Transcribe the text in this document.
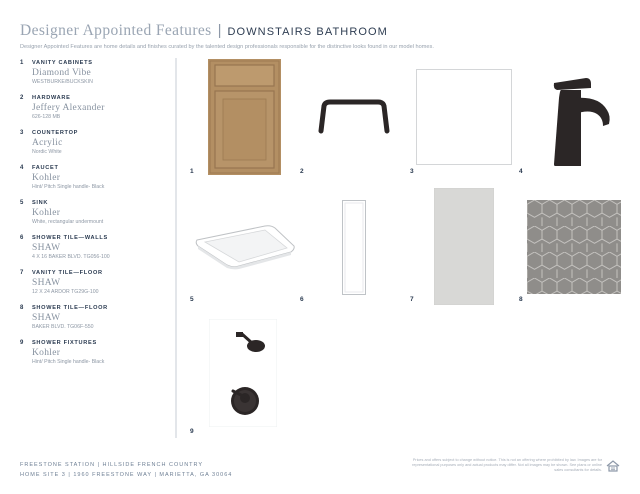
Designer Appointed Features | DOWNSTAIRS BATHROOM
Designer Appointed Features are home details and finishes curated by the talented design professionals responsible for the distinctive looks found in our model homes.
1	VANITY CABINETS
Diamond Vibe
WESTBURKE/BUCKSKIN
2	HARDWARE
Jeffery Alexander
626-128 MB
3	COUNTERTOP
Acrylic
Nordic White
4	FAUCET
Kohler
Hint/ Pitch Single handle- Black
5	SINK
Kohler
White, rectangular undermount
6	SHOWER TILE—WALLS
SHAW
4 X 16 BAKER BLVD. TG056-100
7	VANITY TILE—FLOOR
SHAW
12 X 24 ARDOR TG29G-100
8	SHOWER TILE—FLOOR
SHAW
BAKER BLVD. TG06F-550
9	SHOWER FIXTURES
Kohler
Hint/ Pitch Single handle- Black
1	2	3	4
5	6	7	8
9
FREESTONE STATION | HILLSIDE FRENCH COUNTRY
HOME SITE 3 | 1960 FREESTONE WAY | MARIETTA, GA 30064
Prices and offers subject to change without notice. This is not an offering where prohibited by law. Images are for representational purposes only and actual products may differ. Not all images may be shown. See plans or online sales consultants for details.
